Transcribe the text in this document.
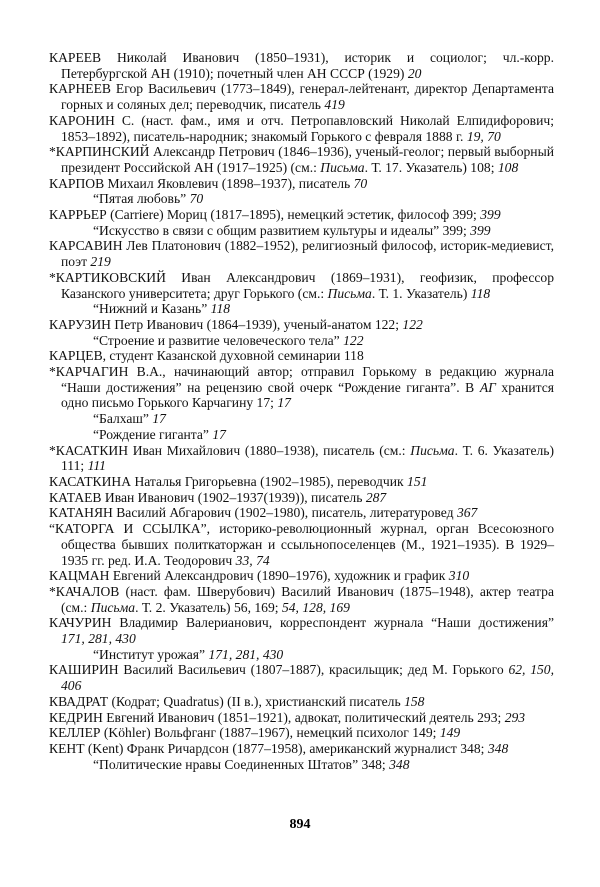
КАРЕЕВ Николай Иванович (1850–1931), историк и социолог; чл.-корр. Петербургской АН (1910); почетный член АН СССР (1929) 20
КАРНЕЕВ Егор Васильевич (1773–1849), генерал-лейтенант, директор Департамента горных и соляных дел; переводчик, писатель 419
КАРОНИН С. (наст. фам., имя и отч. Петропавловский Николай Елпидифорович; 1853–1892), писатель-народник; знакомый Горького с февраля 1888 г. 19, 70
*КАРПИНСКИЙ Александр Петрович (1846–1936), ученый-геолог; первый выборный президент Российской АН (1917–1925) (см.: Письма. Т. 17. Указатель) 108; 108
КАРПОВ Михаил Яковлевич (1898–1937), писатель 70
“Пятая любовь” 70
КАРРЬЕР (Carriere) Мориц (1817–1895), немецкий эстетик, философ 399; 399
“Искусство в связи с общим развитием культуры и идеалы” 399; 399
КАРСАВИН Лев Платонович (1882–1952), религиозный философ, историк-медиевист, поэт 219
*КАРТИКОВСКИЙ Иван Александрович (1869–1931), геофизик, профессор Казанского университета; друг Горького (см.: Письма. Т. 1. Указатель) 118
“Нижний и Казань” 118
КАРУЗИН Петр Иванович (1864–1939), ученый-анатом 122; 122
“Строение и развитие человеческого тела” 122
КАРЦЕВ, студент Казанской духовной семинарии 118
*КАРЧАГИН В.А., начинающий автор; отправил Горькому в редакцию журнала “Наши достижения” на рецензию свой очерк “Рождение гиганта”. В АГ хранится одно письмо Горького Карчагину 17; 17
“Балхаш” 17
“Рождение гиганта” 17
*КАСАТКИН Иван Михайлович (1880–1938), писатель (см.: Письма. Т. 6. Указатель) 111; 111
КАСАТКИНА Наталья Григорьевна (1902–1985), переводчик 151
КАТАЕВ Иван Иванович (1902–1937(1939)), писатель 287
КАТАНЯН Василий Абгарович (1902–1980), писатель, литературовед 367
“КАТОРГА И ССЫЛКА”, историко-революционный журнал, орган Всесоюзного общества бывших политкаторжан и ссыльнопоселенцев (М., 1921–1935). В 1929–1935 гг. ред. И.А. Теодорович 33, 74
КАЦМАН Евгений Александрович (1890–1976), художник и график 310
*КАЧАЛОВ (наст. фам. Шверубович) Василий Иванович (1875–1948), актер театра (см.: Письма. Т. 2. Указатель) 56, 169; 54, 128, 169
КАЧУРИН Владимир Валерианович, корреспондент журнала “Наши достижения” 171, 281, 430
“Институт урожая” 171, 281, 430
КАШИРИН Василий Васильевич (1807–1887), красильщик; дед М. Горького 62, 150, 406
КВАДРАТ (Кодрат; Quadratus) (II в.), христианский писатель 158
КЕДРИН Евгений Иванович (1851–1921), адвокат, политический деятель 293; 293
КЕЛЛЕР (Köhler) Вольфганг (1887–1967), немецкий психолог 149; 149
КЕНТ (Kent) Франк Ричардсон (1877–1958), американский журналист 348; 348
“Политические нравы Соединенных Штатов” 348; 348
894
